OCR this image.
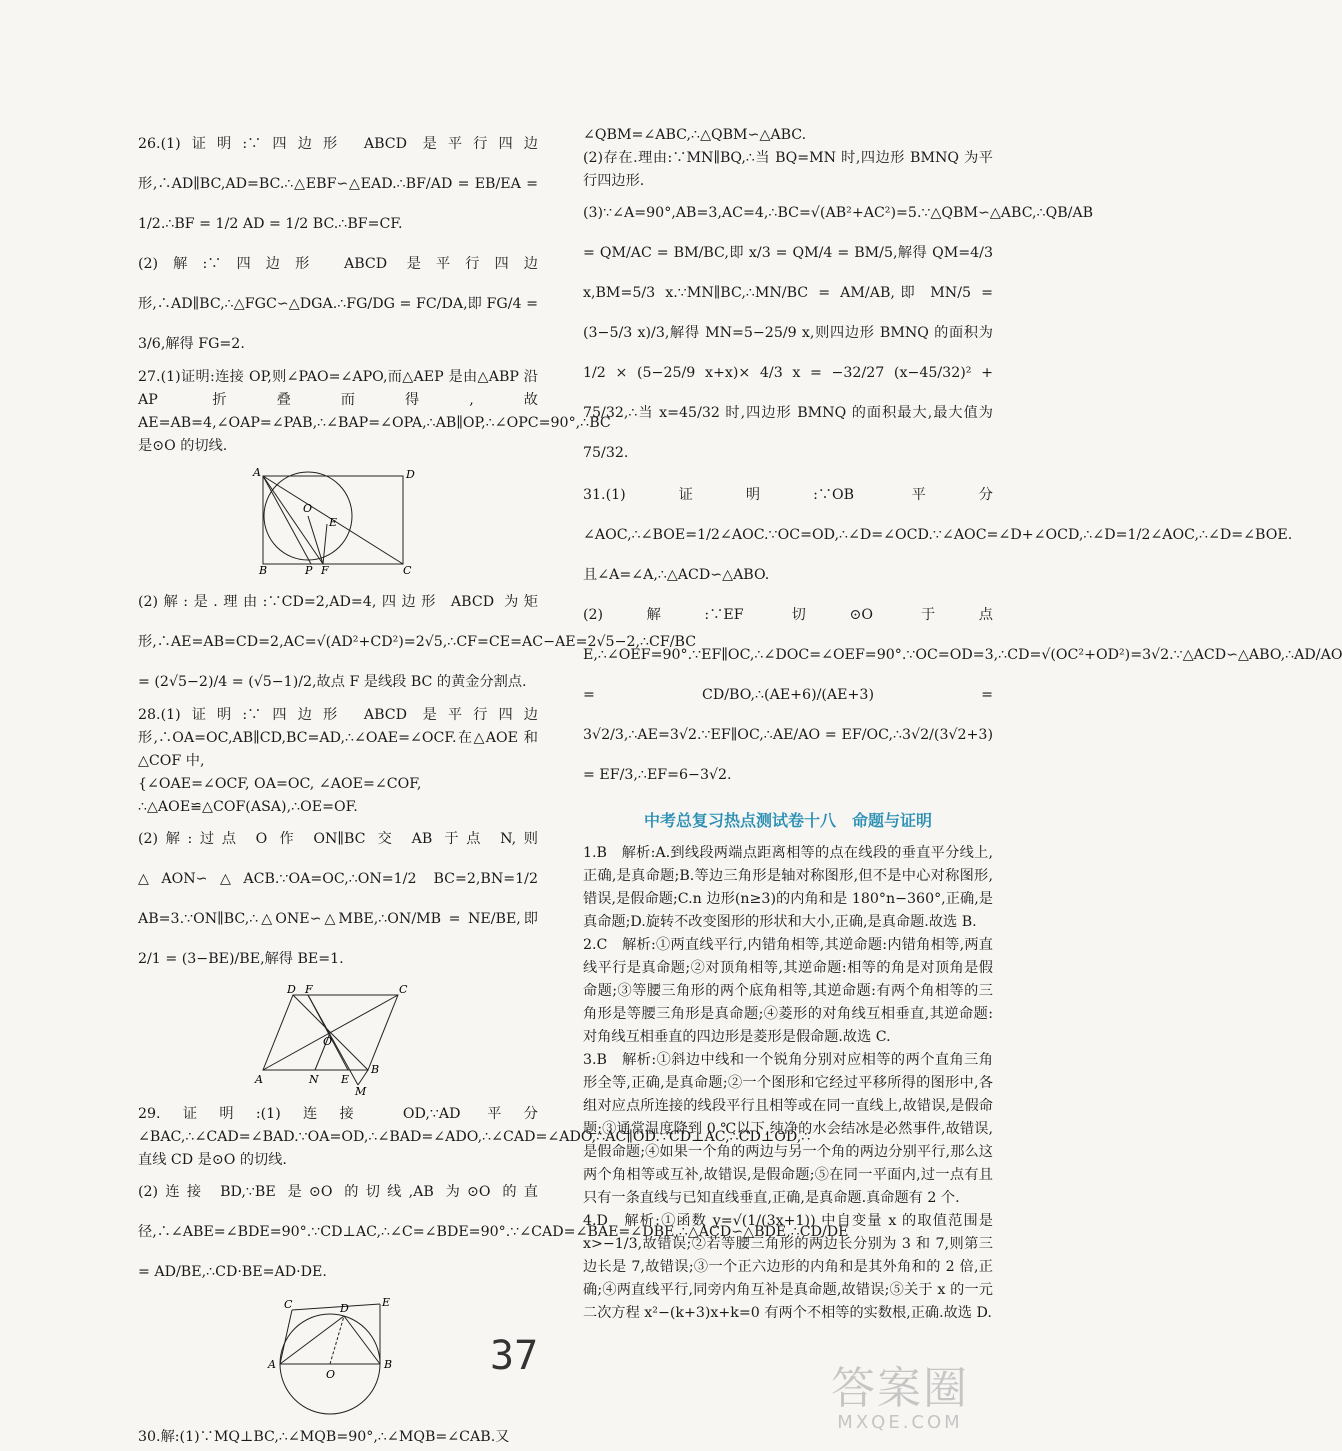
26.(1)证明:∵四边形 ABCD 是平行四边形,∴AD∥BC,AD=BC.∴△EBF∽△EAD.∴BF/AD = EB/EA = 1/2.∴BF = 1/2 AD = 1/2 BC.∴BF=CF.

(2)解:∵四边形 ABCD 是平行四边形,∴AD∥BC,∴△FGC∽△DGA.∴FG/DG = FC/DA,即 FG/4 = 3/6,解得 FG=2.

27.(1)证明:连接 OP,则∠PAO=∠APO,而△AEP 是由△ABP 沿 AP 折叠而得,故 AE=AB=4,∠OAP=∠PAB,∴∠BAP=∠OPA,∴AB∥OP,∴∠OPC=90°,∴BC 是⊙O 的切线.

A	D
O
E
B	P F	C

(2)解:是.理由:∵CD=2,AD=4,四边形 ABCD 为矩形,∴AE=AB=CD=2,AC=√(AD²+CD²)=2√5,∴CF=CE=AC−AE=2√5−2,∴CF/BC = (2√5−2)/4 = (√5−1)/2,故点 F 是线段 BC 的黄金分割点.

28.(1)证明:∵四边形 ABCD 是平行四边形,∴OA=OC,AB∥CD,BC=AD,∴∠OAE=∠OCF.在△AOE 和△COF 中,

{∠OAE=∠OCF, OA=OC, ∠AOE=∠COF,

∴△AOE≌△COF(ASA),∴OE=OF.

(2)解:过点 O 作 ON∥BC 交 AB 于点 N,则△AON∽△ACB.∵OA=OC,∴ON=1/2 BC=2,BN=1/2 AB=3.∵ON∥BC,∴△ONE∽△MBE,∴ON/MB = NE/BE,即 2/1 = (3−BE)/BE,解得 BE=1.

D F	C
O
A	N E
B
M

29.证明:(1)连接 OD,∵AD 平分∠BAC,∴∠CAD=∠BAD.∵OA=OD,∴∠BAD=∠ADO,∴∠CAD=∠ADO,∴AC∥OD.∵CD⊥AC,∴CD⊥OD,∴直线 CD 是⊙O 的切线.

(2)连接 BD,∵BE 是⊙O 的切线,AB 为⊙O 的直径,∴∠ABE=∠BDE=90°.∵CD⊥AC,∴∠C=∠BDE=90°.∵∠CAD=∠BAE=∠DBE,∴△ACD∽△BDE,∴CD/DE = AD/BE,∴CD·BE=AD·DE.

C	D	E
A
O
B

30.解:(1)∵MQ⊥BC,∴∠MQB=90°,∴∠MQB=∠CAB.又

∠QBM=∠ABC,∴△QBM∽△ABC.

(2)存在.理由:∵MN∥BQ,∴当 BQ=MN 时,四边形 BMNQ 为平行四边形.

(3)∵∠A=90°,AB=3,AC=4,∴BC=√(AB²+AC²)=5.∵△QBM∽△ABC,∴QB/AB = QM/AC = BM/BC,即 x/3 = QM/4 = BM/5,解得 QM=4/3 x,BM=5/3 x.∵MN∥BC,∴MN/BC = AM/AB,即 MN/5 = (3−5/3 x)/3,解得 MN=5−25/9 x,则四边形 BMNQ 的面积为 1/2 × (5−25/9 x+x)× 4/3 x = −32/27 (x−45/32)² + 75/32,∴当 x=45/32 时,四边形 BMNQ 的面积最大,最大值为 75/32.

31.(1)证明:∵OB 平分∠AOC,∴∠BOE=1/2∠AOC.∵OC=OD,∴∠D=∠OCD.∵∠AOC=∠D+∠OCD,∴∠D=1/2∠AOC,∴∠D=∠BOE.且∠A=∠A,∴△ACD∽△ABO.

(2)解:∵EF 切⊙O 于点 E,∴∠OEF=90°.∵EF∥OC,∴∠DOC=∠OEF=90°.∵OC=OD=3,∴CD=√(OC²+OD²)=3√2.∵△ACD∽△ABO,∴AD/AO = CD/BO,∴(AE+6)/(AE+3) = 3√2/3,∴AE=3√2.∵EF∥OC,∴AE/AO = EF/OC,∴3√2/(3√2+3) = EF/3,∴EF=6−3√2.

中考总复习热点测试卷十八　命题与证明

1.B　解析:A.到线段两端点距离相等的点在线段的垂直平分线上,正确,是真命题;B.等边三角形是轴对称图形,但不是中心对称图形,错误,是假命题;C.n 边形(n≥3)的内角和是 180°n−360°,正确,是真命题;D.旋转不改变图形的形状和大小,正确,是真命题.故选 B.

2.C　解析:①两直线平行,内错角相等,其逆命题:内错角相等,两直线平行是真命题;②对顶角相等,其逆命题:相等的角是对顶角是假命题;③等腰三角形的两个底角相等,其逆命题:有两个角相等的三角形是等腰三角形是真命题;④菱形的对角线互相垂直,其逆命题:对角线互相垂直的四边形是菱形是假命题.故选 C.

3.B　解析:①斜边中线和一个锐角分别对应相等的两个直角三角形全等,正确,是真命题;②一个图形和它经过平移所得的图形中,各组对应点所连接的线段平行且相等或在同一直线上,故错误,是假命题;③通常温度降到 0 ℃以下,纯净的水会结冰是必然事件,故错误,是假命题;④如果一个角的两边与另一个角的两边分别平行,那么这两个角相等或互补,故错误,是假命题;⑤在同一平面内,过一点有且只有一条直线与已知直线垂直,正确,是真命题.真命题有 2 个.

4.D　解析:①函数 y=√(1/(3x+1)) 中自变量 x 的取值范围是 x>−1/3,故错误;②若等腰三角形的两边长分别为 3 和 7,则第三边长是 7,故错误;③一个正六边形的内角和是其外角和的 2 倍,正确;④两直线平行,同旁内角互补是真命题,故错误;⑤关于 x 的一元二次方程 x²−(k+3)x+k=0 有两个不相等的实数根,正确.故选 D.

37
答案圈
MXQE.COM
